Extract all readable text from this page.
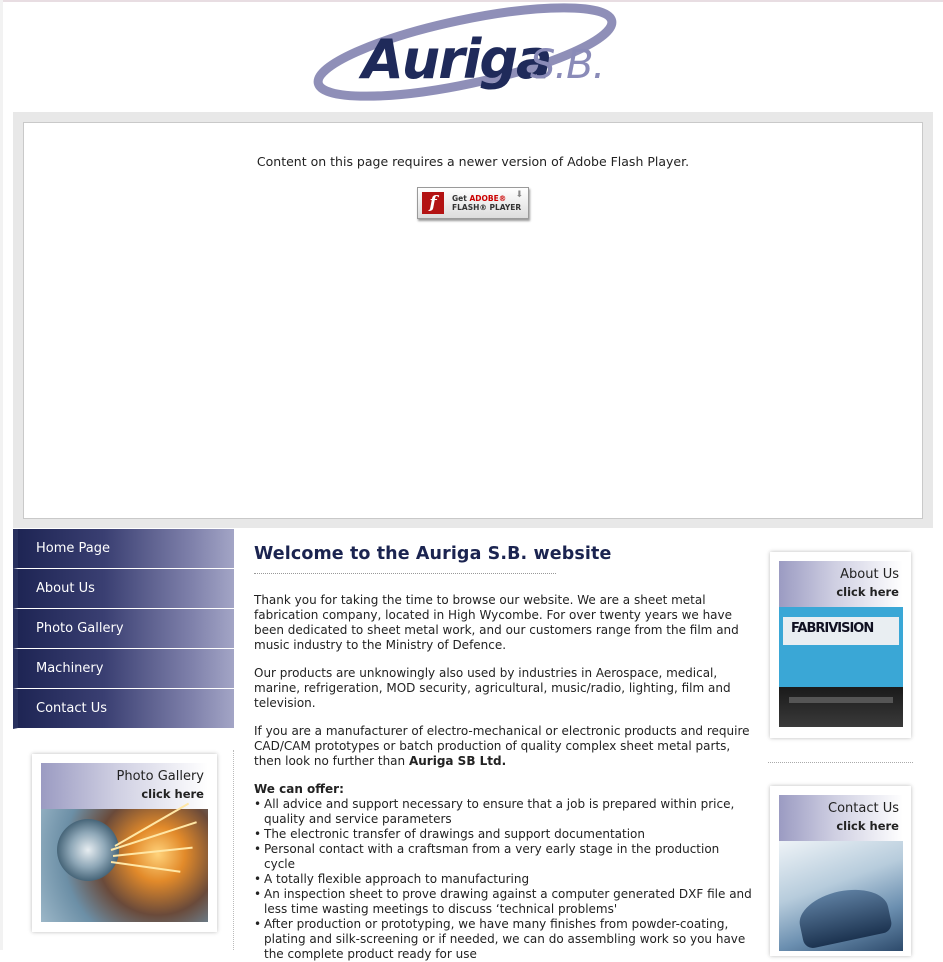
Auriga
S.B.
Content on this page requires a newer version of Adobe Flash Player.
f	Get ADOBE®
FLASH® PLAYER
⬇
Home Page
About Us
Photo Gallery
Machinery
Contact Us
Photo Gallery
click here
Welcome to the Auriga S.B. website

Thank you for taking the time to browse our website. We are a sheet metal fabrication company, located in High Wycombe. For over twenty years we have been dedicated to sheet metal work, and our customers range from the film and music industry to the Ministry of Defence.

Our products are unknowingly also used by industries in Aerospace, medical, marine, refrigeration, MOD security, agricultural, music/radio, lighting, film and television.

If you are a manufacturer of electro-mechanical or electronic products and require CAD/CAM prototypes or batch production of quality complex sheet metal parts, then look no further than Auriga SB Ltd.

We can offer:
• All advice and support necessary to ensure that a job is prepared within price, quality and service parameters
• The electronic transfer of drawings and support documentation
• Personal contact with a craftsman from a very early stage in the production cycle
• A totally flexible approach to manufacturing
• An inspection sheet to prove drawing against a computer generated DXF file and less time wasting meetings to discuss ‘technical problems'
• After production or prototyping, we have many finishes from powder-coating, plating and silk-screening or if needed, we can do assembling work so you have the complete product ready for use
About Us
click here
FABRIVISION
Contact Us
click here
